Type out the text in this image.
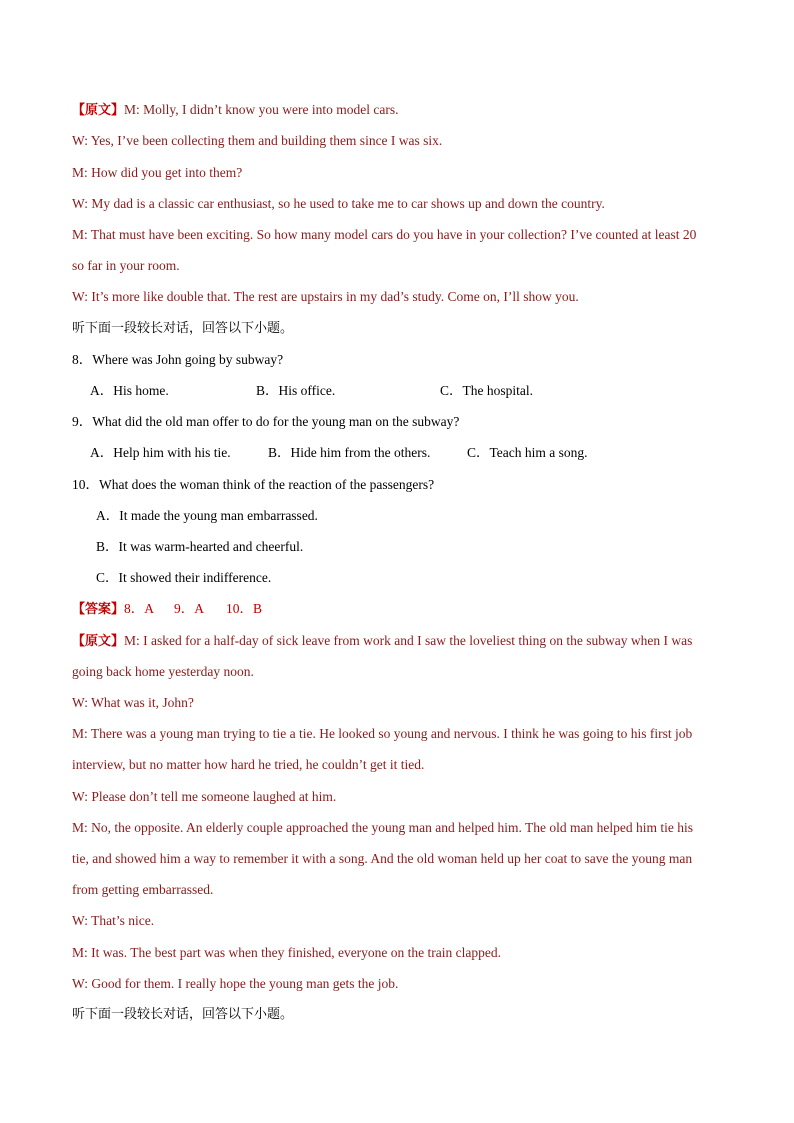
【原文】M: Molly, I didn’t know you were into model cars.
W: Yes, I’ve been collecting them and building them since I was six.
M: How did you get into them?
W: My dad is a classic car enthusiast, so he used to take me to car shows up and down the country.
M: That must have been exciting. So how many model cars do you have in your collection? I’ve counted at least 20
so far in your room.
W: It’s more like double that. The rest are upstairs in my dad’s study. Come on, I’ll show you.
听下面一段较长对话，回答以下小题。
8．Where was John going by subway?
A．His home.	B．His office.	C．The hospital.
9．What did the old man offer to do for the young man on the subway?
A．Help him with his tie.	B．Hide him from the others.	C．Teach him a song.
10．What does the woman think of the reaction of the passengers?
A．It made the young man embarrassed.
B．It was warm-hearted and cheerful.
C．It showed their indifference.
【答案】8．A 9．A 10．B
【原文】M: I asked for a half-day of sick leave from work and I saw the loveliest thing on the subway when I was
going back home yesterday noon.
W: What was it, John?
M: There was a young man trying to tie a tie. He looked so young and nervous. I think he was going to his first job
interview, but no matter how hard he tried, he couldn’t get it tied.
W: Please don’t tell me someone laughed at him.
M: No, the opposite. An elderly couple approached the young man and helped him. The old man helped him tie his
tie, and showed him a way to remember it with a song. And the old woman held up her coat to save the young man
from getting embarrassed.
W: That’s nice.
M: It was. The best part was when they finished, everyone on the train clapped.
W: Good for them. I really hope the young man gets the job.
听下面一段较长对话，回答以下小题。
